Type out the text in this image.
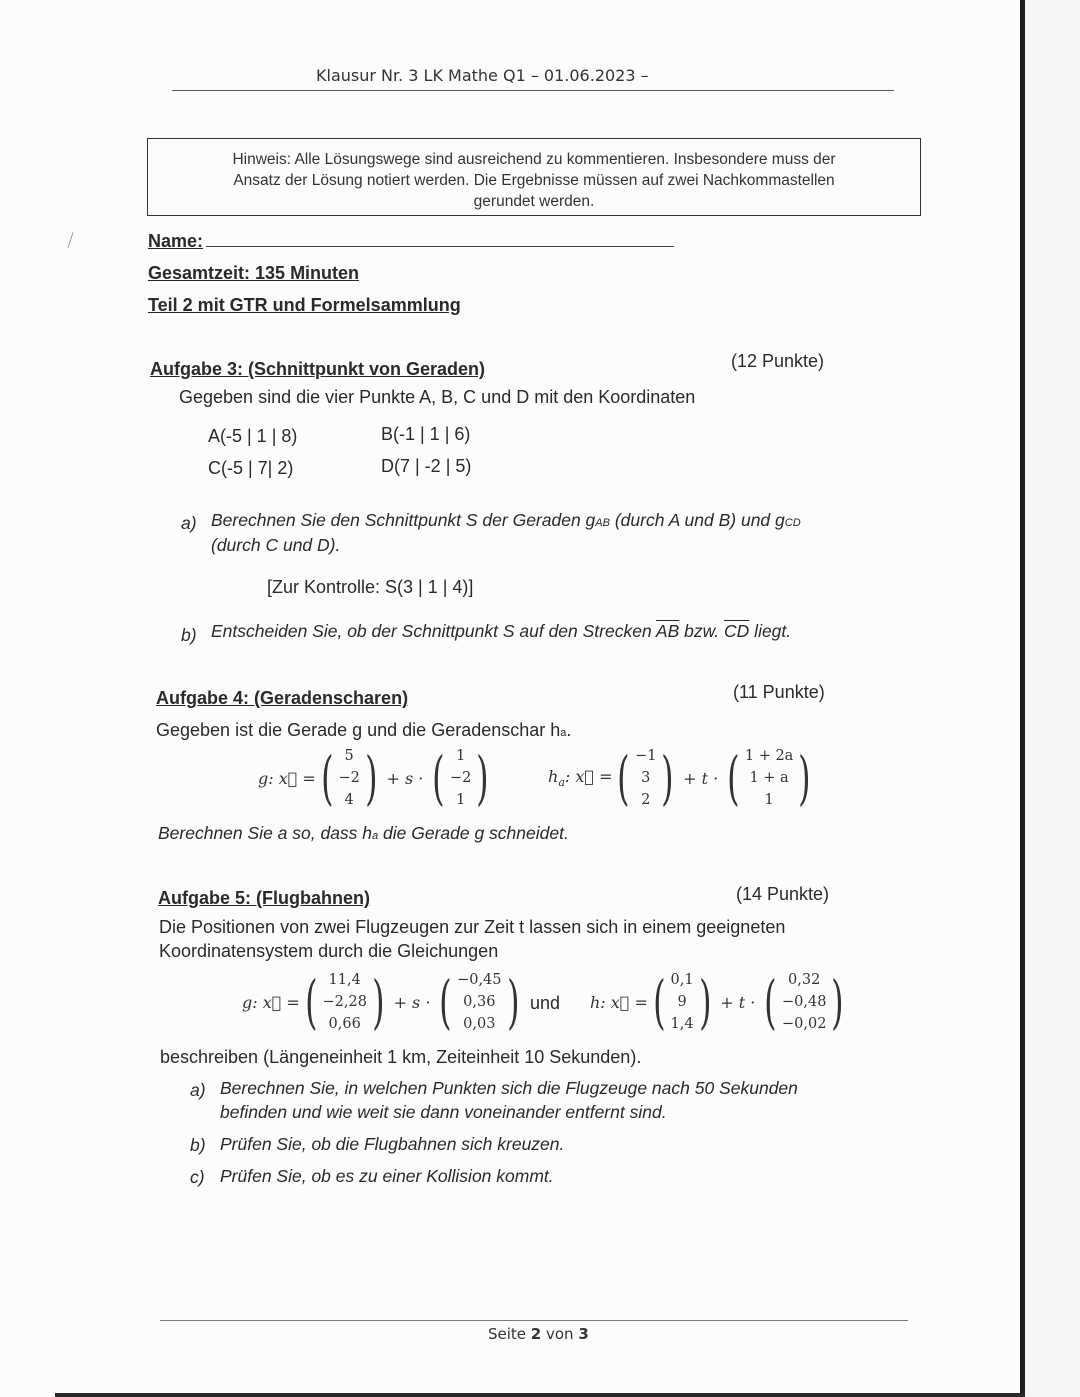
Klausur Nr. 3 LK Mathe Q1 – 01.06.2023 –
Hinweis: Alle Lösungswege sind ausreichend zu kommentieren. Insbesondere muss der
Ansatz der Lösung notiert werden. Die Ergebnisse müssen auf zwei Nachkommastellen
gerundet werden.
Name:
Gesamtzeit: 135 Minuten
Teil 2 mit GTR und Formelsammlung
Aufgabe 3: (Schnittpunkt von Geraden)	(12 Punkte)
Gegeben sind die vier Punkte A, B, C und D mit den Koordinaten
A(-5 | 1 | 8)	B(-1 | 1 | 6)
C(-5 | 7| 2)	D(7 | -2 | 5)
a) Berechnen Sie den Schnittpunkt S der Geraden gAB (durch A und B) und gCD
(durch C und D).
[Zur Kontrolle: S(3 | 1 | 4)]
b) Entscheiden Sie, ob der Schnittpunkt S auf den Strecken $\overline{AB}$ bzw. $\overline{CD}$ liegt.
Aufgabe 4: (Geradenscharen)	(11 Punkte)
Gegeben ist die Gerade g und die Geradenschar ha.
g: x⃗ = ( 5
−2
4 ) + s · ( 1
−2
1 )	$h_a$: x⃗ = ( −1
3
2 ) + t · ( 1 + 2a
1 + a
1 )
Berechnen Sie a so, dass ha die Gerade g schneidet.
Aufgabe 5: (Flugbahnen)	(14 Punkte)
Die Positionen von zwei Flugzeugen zur Zeit t lassen sich in einem geeigneten
Koordinatensystem durch die Gleichungen
g: x⃗ = ( 11,4
−2,28
0,66 ) + s · ( −0,45
0,36
0,03 ) und h: x⃗ = ( 0,1
9
1,4 ) + t · ( 0,32
−0,48
−0,02 )
beschreiben (Längeneinheit 1 km, Zeiteinheit 10 Sekunden).
a) Berechnen Sie, in welchen Punkten sich die Flugzeuge nach 50 Sekunden
befinden und wie weit sie dann voneinander entfernt sind.
b) Prüfen Sie, ob die Flugbahnen sich kreuzen.
c) Prüfen Sie, ob es zu einer Kollision kommt.
Seite 2 von 3
